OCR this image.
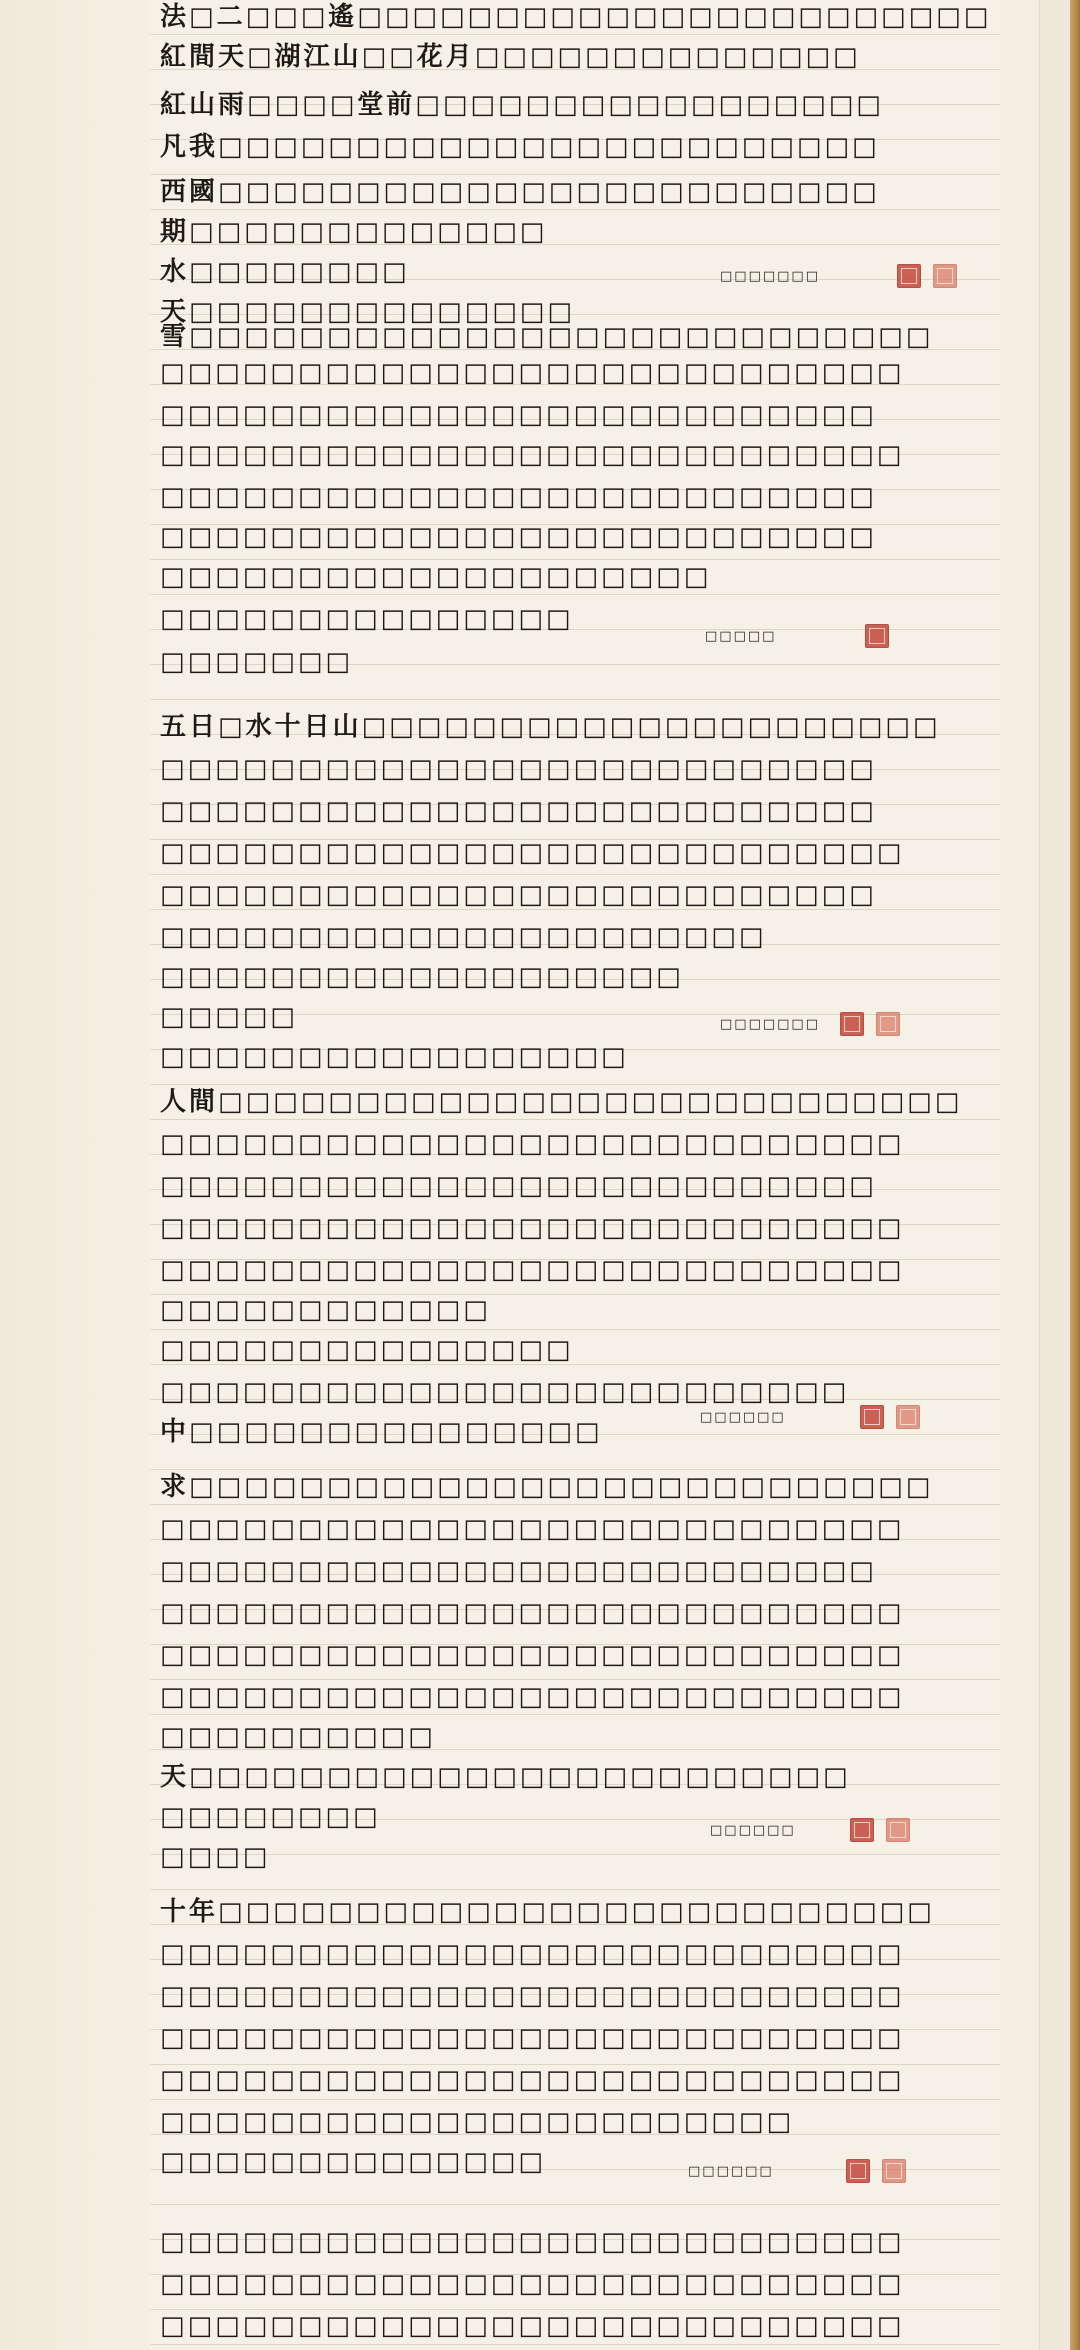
法□二□□□遙□□□□□□□□□□□□□□□□□□□□□□□
紅間天□湖江山□□花月□□□□□□□□□□□□□□
紅山雨□□□□堂前□□□□□□□□□□□□□□□□□
凡我□□□□□□□□□□□□□□□□□□□□□□□□
西國□□□□□□□□□□□□□□□□□□□□□□□□
期□□□□□□□□□□□□□
水□□□□□□□□
天□□□□□□□□□□□□□□
□□□□□□□
雪□□□□□□□□□□□□□□□□□□□□□□□□□□□
□□□□□□□□□□□□□□□□□□□□□□□□□□□
□□□□□□□□□□□□□□□□□□□□□□□□□□
□□□□□□□□□□□□□□□□□□□□□□□□□□□
□□□□□□□□□□□□□□□□□□□□□□□□□□
□□□□□□□□□□□□□□□□□□□□□□□□□□
□□□□□□□□□□□□□□□□□□□□
□□□□□□□□□□□□□□□
□□□□□□□
□□□□□
五日□水十日山□□□□□□□□□□□□□□□□□□□□□
□□□□□□□□□□□□□□□□□□□□□□□□□□
□□□□□□□□□□□□□□□□□□□□□□□□□□
□□□□□□□□□□□□□□□□□□□□□□□□□□□
□□□□□□□□□□□□□□□□□□□□□□□□□□
□□□□□□□□□□□□□□□□□□□□□□
□□□□□□□□□□□□□□□□□□□
□□□□□
□□□□□□□□□□□□□□□□□
□□□□□□□
人間□□□□□□□□□□□□□□□□□□□□□□□□□□□
□□□□□□□□□□□□□□□□□□□□□□□□□□□
□□□□□□□□□□□□□□□□□□□□□□□□□□
□□□□□□□□□□□□□□□□□□□□□□□□□□□
□□□□□□□□□□□□□□□□□□□□□□□□□□□
□□□□□□□□□□□□
□□□□□□□□□□□□□□□
□□□□□□□□□□□□□□□□□□□□□□□□□
中□□□□□□□□□□□□□□□	□□□□□□
求□□□□□□□□□□□□□□□□□□□□□□□□□□□
□□□□□□□□□□□□□□□□□□□□□□□□□□□
□□□□□□□□□□□□□□□□□□□□□□□□□□
□□□□□□□□□□□□□□□□□□□□□□□□□□□
□□□□□□□□□□□□□□□□□□□□□□□□□□□
□□□□□□□□□□□□□□□□□□□□□□□□□□□
□□□□□□□□□□
天□□□□□□□□□□□□□□□□□□□□□□□□
□□□□□□□□
□□□□
□□□□□□
十年□□□□□□□□□□□□□□□□□□□□□□□□□□
□□□□□□□□□□□□□□□□□□□□□□□□□□□
□□□□□□□□□□□□□□□□□□□□□□□□□□□
□□□□□□□□□□□□□□□□□□□□□□□□□□□
□□□□□□□□□□□□□□□□□□□□□□□□□□□
□□□□□□□□□□□□□□□□□□□□□□□
□□□□□□□□□□□□□□	□□□□□□
□□□□□□□□□□□□□□□□□□□□□□□□□□□
□□□□□□□□□□□□□□□□□□□□□□□□□□□
□□□□□□□□□□□□□□□□□□□□□□□□□□□
